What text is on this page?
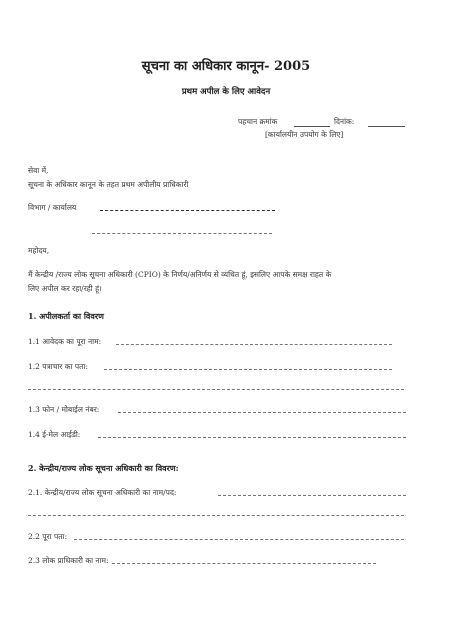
सूचना का अधिकार कानून- 2005
प्रथम अपील के लिए आवेदन
पहचान क्रमांक	दिनांक:
[कार्यालयीन उपयोग के लिए]
सेवा में,
सूचना के अधिकार कानून के तहत प्रथम अपीलीय प्राधिकारी
विभाग / कार्यालय
महोदय,
मैं केन्द्रीय /राज्य लोक सूचना अधिकारी (CPIO) के निर्णय/अनिर्णय से व्यथित हूं, इसलिए आपके समक्ष राहत के
लिए अपील कर रहा/रही हूं।
1. अपीलकर्ता का विवरण
1.1 आवेदक का पूरा नाम:
1.2 पत्राचार का पता:
1.3 फोन / मोबाईल नंबर:
1.4 ई-मेल आईडी:
2. केन्द्रीय/राज्य लोक सूचना अधिकारी का विवरण:
2.1. केन्द्रीय/राज्य लोक सूचना अधिकारी का नाम/पद:
2.2 पूरा पता:
2.3 लोक प्राधिकारी का नाम:
